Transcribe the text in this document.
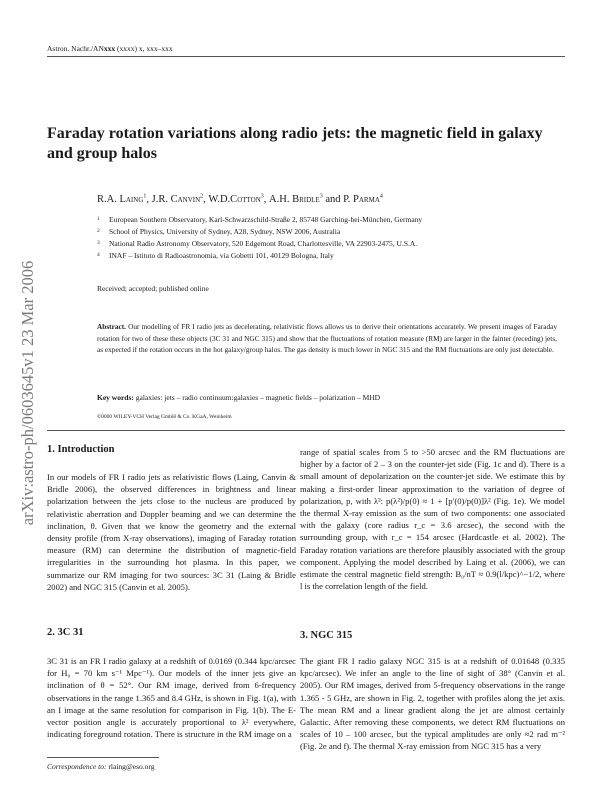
Astron. Nachr./ANxxx (xxxx) x, xxx–xxx
Faraday rotation variations along radio jets: the magnetic field in galaxy and group halos
arXiv:astro-ph/0603645v1 23 Mar 2006
R.A. Laing$^1$, J.R. Canvin$^2$, W.D.Cotton$^3$, A.H. Bridle$^3$ and P. Parma$^4$
1 European Southern Observatory, Karl-Schwarzschild-Straße 2, 85748 Garching-bei-München, Germany
2 School of Physics, University of Sydney, A28, Sydney, NSW 2006, Australia
3 National Radio Astronomy Observatory, 520 Edgemont Road, Charlottesville, VA 22903-2475, U.S.A.
4 INAF – Istituto di Radioastronomia, via Gobetti 101, 40129 Bologna, Italy
Received; accepted; published online
Abstract. Our modelling of FR I radio jets as decelerating, relativistic flows allows us to derive their orientations accurately. We present images of Faraday rotation for two of these these objects (3C 31 and NGC 315) and show that the fluctuations of rotation measure (RM) are larger in the fainter (receding) jets, as expected if the rotation occurs in the hot galaxy/group halos. The gas density is much lower in NGC 315 and the RM fluctuations are only just detectable.
Key words: galaxies: jets – radio continuum:galaxies – magnetic fields – polarization – MHD
©0000 WILEY-VCH Verlag GmbH & Co. KGaA, Weinheim
1. Introduction
In our models of FR I radio jets as relativistic flows (Laing, Canvin & Bridle 2006), the observed differences in brightness and linear polarization between the jets close to the nucleus are produced by relativistic aberration and Doppler beaming and we can determine the inclination, θ. Given that we know the geometry and the external density profile (from X-ray observations), imaging of Faraday rotation measure (RM) can determine the distribution of magnetic-field irregularities in the surrounding hot plasma. In this paper, we summarize our RM imaging for two sources: 3C 31 (Laing & Bridle 2002) and NGC 315 (Canvin et al. 2005).
2. 3C 31
3C 31 is an FR I radio galaxy at a redshift of 0.0169 (0.344 kpc/arcsec for H₀ = 70 km s⁻¹ Mpc⁻¹). Our models of the inner jets give an inclination of θ = 52°. Our RM image, derived from 6-frequency observations in the range 1.365 and 8.4 GHz, is shown in Fig. 1(a), with an I image at the same resolution for comparison in Fig. 1(b). The E-vector position angle is accurately proportional to λ² everywhere, indicating foreground rotation. There is structure in the RM image on a
range of spatial scales from 5 to >50 arcsec and the RM fluctuations are higher by a factor of 2 – 3 on the counter-jet side (Fig. 1c and d). There is a small amount of depolarization on the counter-jet side. We estimate this by making a first-order linear approximation to the variation of degree of polarization, p, with λ²: p(λ²)/p(0) ≈ 1 + [p′(0)/p(0)]λ² (Fig. 1e). We model the thermal X-ray emission as the sum of two components: one associated with the galaxy (core radius r_c = 3.6 arcsec), the second with the surrounding group, with r_c = 154 arcsec (Hardcastle et al. 2002). The Faraday rotation variations are therefore plausibly associated with the group component. Applying the model described by Laing et al. (2006), we can estimate the central magnetic field strength: B₀/nT ≈ 0.9(l/kpc)^−1/2, where l is the correlation length of the field.
3. NGC 315
The giant FR I radio galaxy NGC 315 is at a redshift of 0.01648 (0.335 kpc/arcsec). We infer an angle to the line of sight of 38° (Canvin et al. 2005). Our RM images, derived from 5-frequency observations in the range 1.365 - 5 GHz, are shown in Fig. 2, together with profiles along the jet axis. The mean RM and a linear gradient along the jet are almost certainly Galactic. After removing these components, we detect RM fluctuations on scales of 10 – 100 arcsec, but the typical amplitudes are only ≈2 rad m⁻² (Fig. 2e and f). The thermal X-ray emission from NGC 315 has a very
Correspondence to: rlaing@eso.org
